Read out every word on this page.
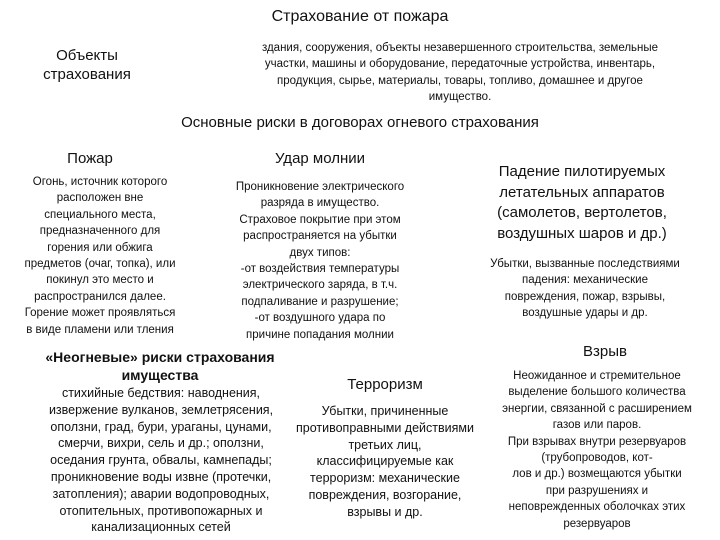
Страхование от пожара
Объекты
страхования
здания, сооружения, объекты незавершенного строительства, земельные
участки, машины и оборудование, передаточные устройства, инвентарь,
продукция, сырье, материалы, товары, топливо, домашнее и другое
имущество.
Основные риски в договорах огневого страхования
Пожар
Огонь, источник которого
расположен вне
специального места,
предназначенного для
горения или обжига
предметов (очаг, топка), или
покинул это место и
распространился далее.
Горение может проявляться
в виде пламени или тления
Удар молнии
Проникновение электрического
разряда в имущество.
Страховое покрытие при этом
распространяется на убытки
двух типов:
-от воздействия температуры
электрического заряда, в т.ч.
подпаливание и разрушение;
-от воздушного удара по
причине попадания молнии
Падение пилотируемых
летательных аппаратов
(самолетов, вертолетов,
воздушных шаров и др.)
Убытки, вызванные последствиями
падения: механические
повреждения, пожар, взрывы,
воздушные удары и др.
«Неогневые» риски страхования
имущества
стихийные бедствия: наводнения,
извержение вулканов, землетрясения,
оползни, град, бури, ураганы, цунами,
смерчи, вихри, сель и др.; оползни,
оседания грунта, обвалы, камнепады;
проникновение воды извне (протечки,
затопления); аварии водопроводных,
отопительных, противопожарных и
канализационных сетей
Терроризм
Убытки, причиненные
противоправными действиями
третьих лиц,
классифицируемые как
терроризм: механические
повреждения, возгорание,
взрывы и др.
Взрыв
Неожиданное и стремительное
выделение большого количества
энергии, связанной с расширением
газов или паров.
При взрывах внутри резервуаров
(трубопроводов, кот-
лов и др.) возмещаются убытки
при разрушениях и
неповрежденных оболочках этих
резервуаров
